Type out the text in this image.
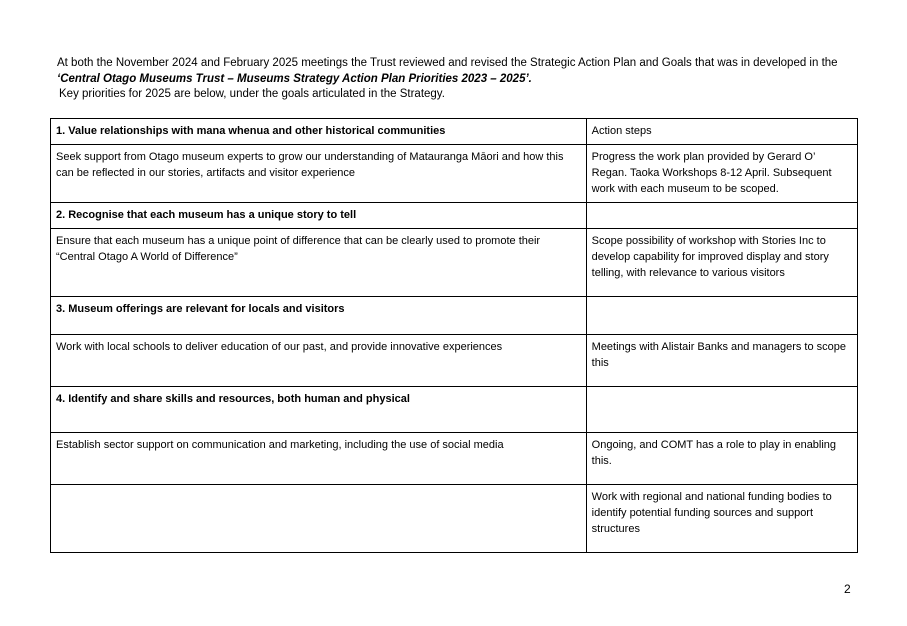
At both the November 2024 and February 2025 meetings the Trust reviewed and revised the Strategic Action Plan and Goals that was in developed in the

‘Central Otago Museums Trust – Museums Strategy Action Plan Priorities 2023 – 2025’.

Key priorities for 2025 are below, under the goals articulated in the Strategy.

1. Value relationships with mana whenua and other historical communities	Action steps
Seek support from Otago museum experts to grow our understanding of Matauranga Māori and how this can be reflected in our stories, artifacts and visitor experience	Progress the work plan provided by Gerard O’ Regan. Taoka Workshops 8-12 April. Subsequent work with each museum to be scoped.
2. Recognise that each museum has a unique story to tell	
Ensure that each museum has a unique point of difference that can be clearly used to promote their “Central Otago A World of Difference”	Scope possibility of workshop with Stories Inc to develop capability for improved display and story telling, with relevance to various visitors
3. Museum offerings are relevant for locals and visitors	
Work with local schools to deliver education of our past, and provide innovative experiences	Meetings with Alistair Banks and managers to scope this
4. Identify and share skills and resources, both human and physical	
Establish sector support on communication and marketing, including the use of social media	Ongoing, and COMT has a role to play in enabling this.
	Work with regional and national funding bodies to identify potential funding sources and support structures
2
